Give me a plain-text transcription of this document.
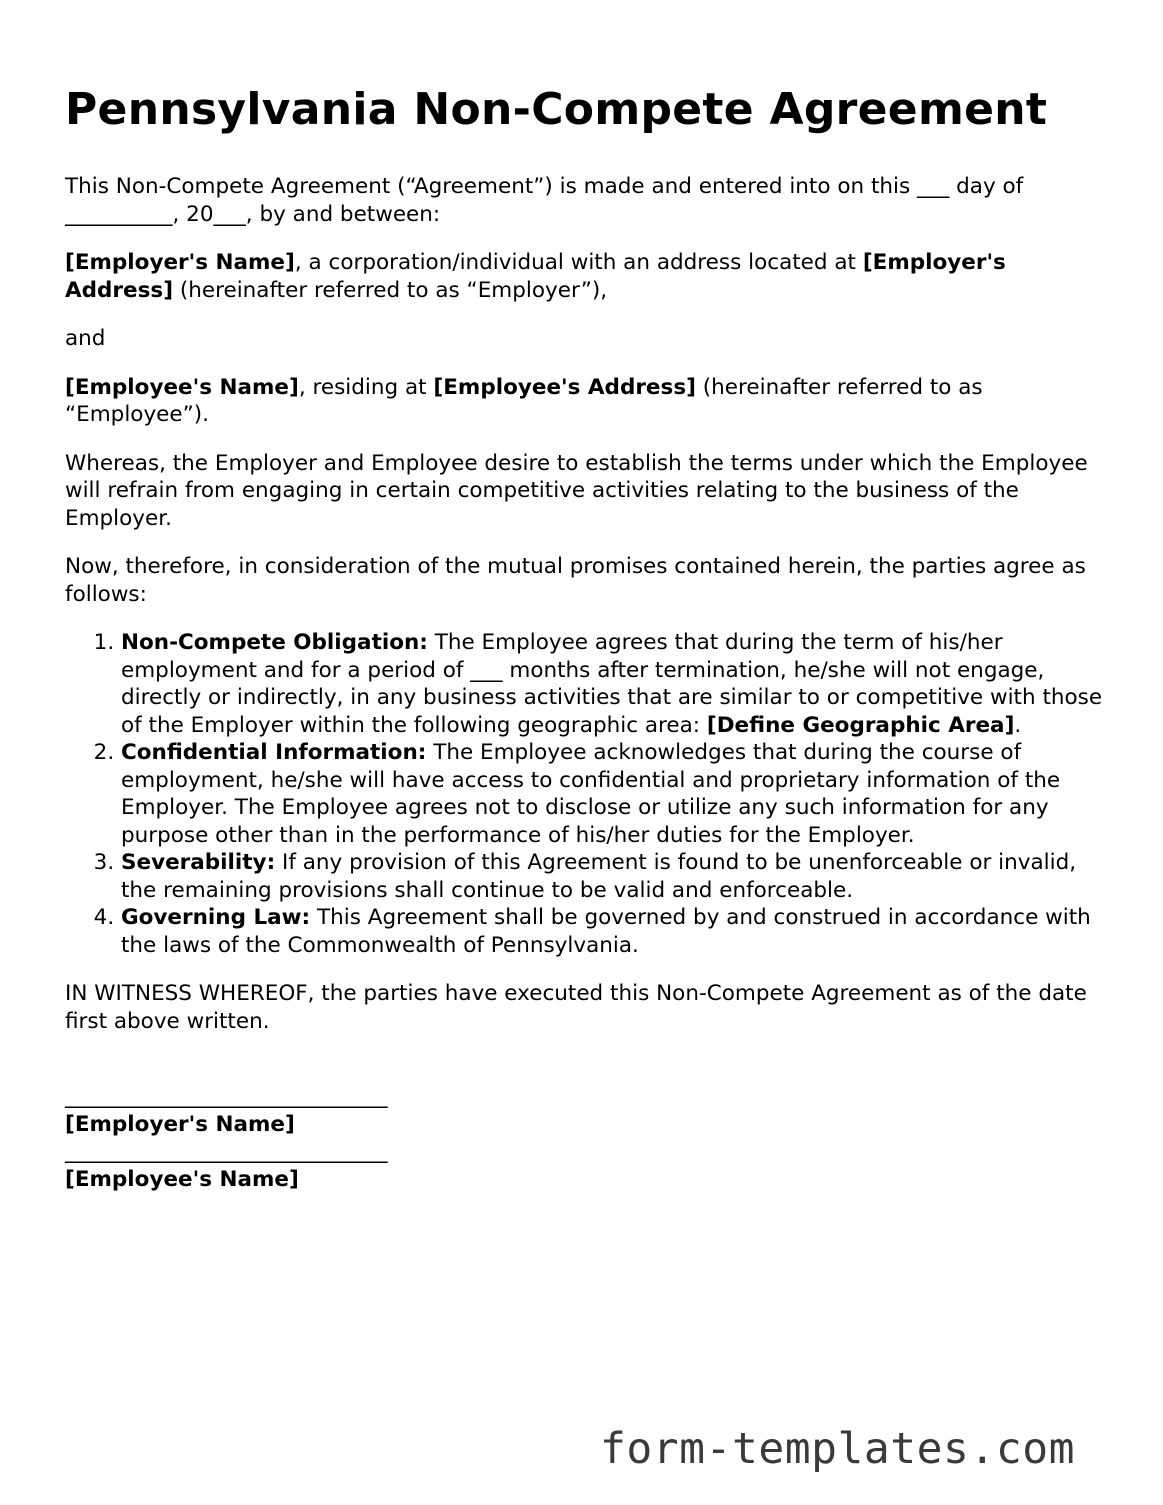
Pennsylvania Non-Compete Agreement

This Non-Compete Agreement (“Agreement”) is made and entered into on this ___ day of __________, 20___, by and between:

[Employer's Name], a corporation/individual with an address located at [Employer's Address] (hereinafter referred to as “Employer”),

and

[Employee's Name], residing at [Employee's Address] (hereinafter referred to as “Employee”).

Whereas, the Employer and Employee desire to establish the terms under which the Employee will refrain from engaging in certain competitive activities relating to the business of the Employer.

Now, therefore, in consideration of the mutual promises contained herein, the parties agree as follows:

1. Non-Compete Obligation: The Employee agrees that during the term of his/her employment and for a period of ___ months after termination, he/she will not engage, directly or indirectly, in any business activities that are similar to or competitive with those of the Employer within the following geographic area: [Define Geographic Area].
2. Confidential Information: The Employee acknowledges that during the course of employment, he/she will have access to confidential and proprietary information of the Employer. The Employee agrees not to disclose or utilize any such information for any purpose other than in the performance of his/her duties for the Employer.
3. Severability: If any provision of this Agreement is found to be unenforceable or invalid, the remaining provisions shall continue to be valid and enforceable.
4. Governing Law: This Agreement shall be governed by and construed in accordance with the laws of the Commonwealth of Pennsylvania.

IN WITNESS WHEREOF, the parties have executed this Non-Compete Agreement as of the date first above written.

______________________________
[Employer's Name]
______________________________
[Employee's Name]
form-templates.com
